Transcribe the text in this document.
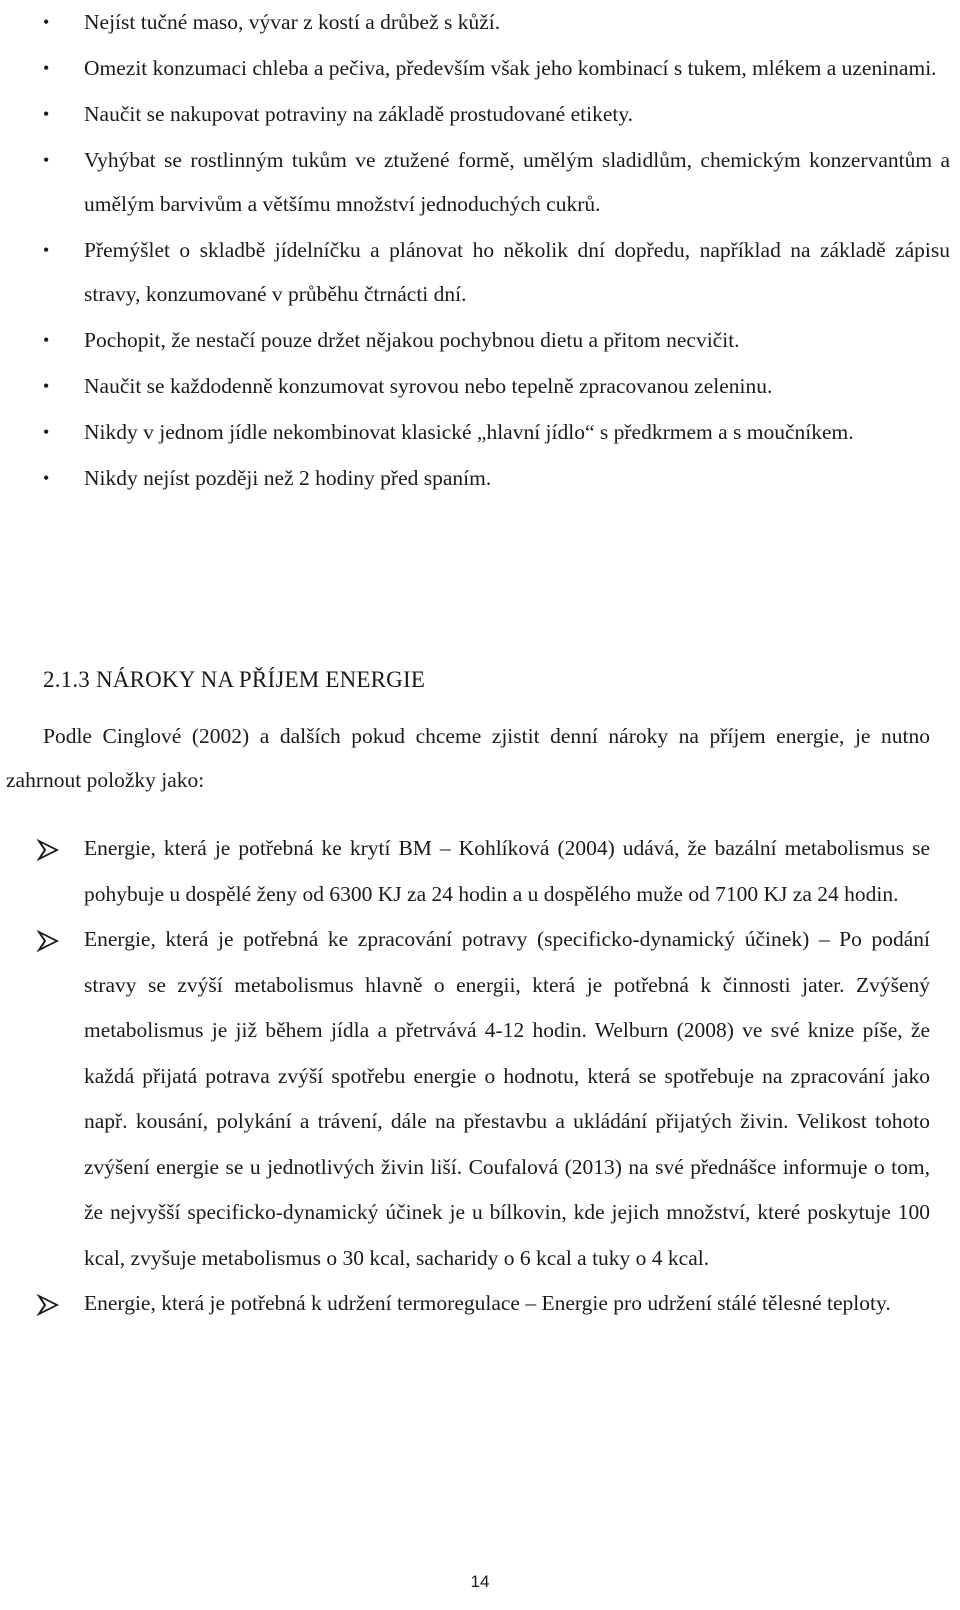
• Nejíst tučné maso, vývar z kostí a drůbež s kůží.
• Omezit konzumaci chleba a pečiva, především však jeho kombinací s tukem, mlékem a uzeninami.
• Naučit se nakupovat potraviny na základě prostudované etikety.
• Vyhýbat se rostlinným tukům ve ztužené formě, umělým sladidlům, chemickým konzervantům a umělým barvivům a většímu množství jednoduchých cukrů.
• Přemýšlet o skladbě jídelníčku a plánovat ho několik dní dopředu, například na základě zápisu stravy, konzumované v průběhu čtrnácti dní.
• Pochopit, že nestačí pouze držet nějakou pochybnou dietu a přitom necvičit.
• Naučit se každodenně konzumovat syrovou nebo tepelně zpracovanou zeleninu.
• Nikdy v jednom jídle nekombinovat klasické „hlavní jídlo“ s předkrmem a s moučníkem.
• Nikdy nejíst později než 2 hodiny před spaním.
2.1.3 NÁROKY NA PŘÍJEM ENERGIE

Podle Cinglové (2002) a dalších pokud chceme zjistit denní nároky na příjem energie, je nutno zahrnout položky jako:

Energie, která je potřebná ke krytí BM – Kohlíková (2004) udává, že bazální metabolismus se pohybuje u dospělé ženy od 6300 KJ za 24 hodin a u dospělého muže od 7100 KJ za 24 hodin.
Energie, která je potřebná ke zpracování potravy (specificko-dynamický účinek) – Po podání stravy se zvýší metabolismus hlavně o energii, která je potřebná k činnosti jater. Zvýšený metabolismus je již během jídla a přetrvává 4-12 hodin. Welburn (2008) ve své knize píše, že každá přijatá potrava zvýší spotřebu energie o hodnotu, která se spotřebuje na zpracování jako např. kousání, polykání a trávení, dále na přestavbu a ukládání přijatých živin. Velikost tohoto zvýšení energie se u jednotlivých živin liší. Coufalová (2013) na své přednášce informuje o tom, že nejvyšší specificko-dynamický účinek je u bílkovin, kde jejich množství, které poskytuje 100 kcal, zvyšuje metabolismus o 30 kcal, sacharidy o 6 kcal a tuky o 4 kcal.
Energie, která je potřebná k udržení termoregulace – Energie pro udržení stálé tělesné teploty.

14
